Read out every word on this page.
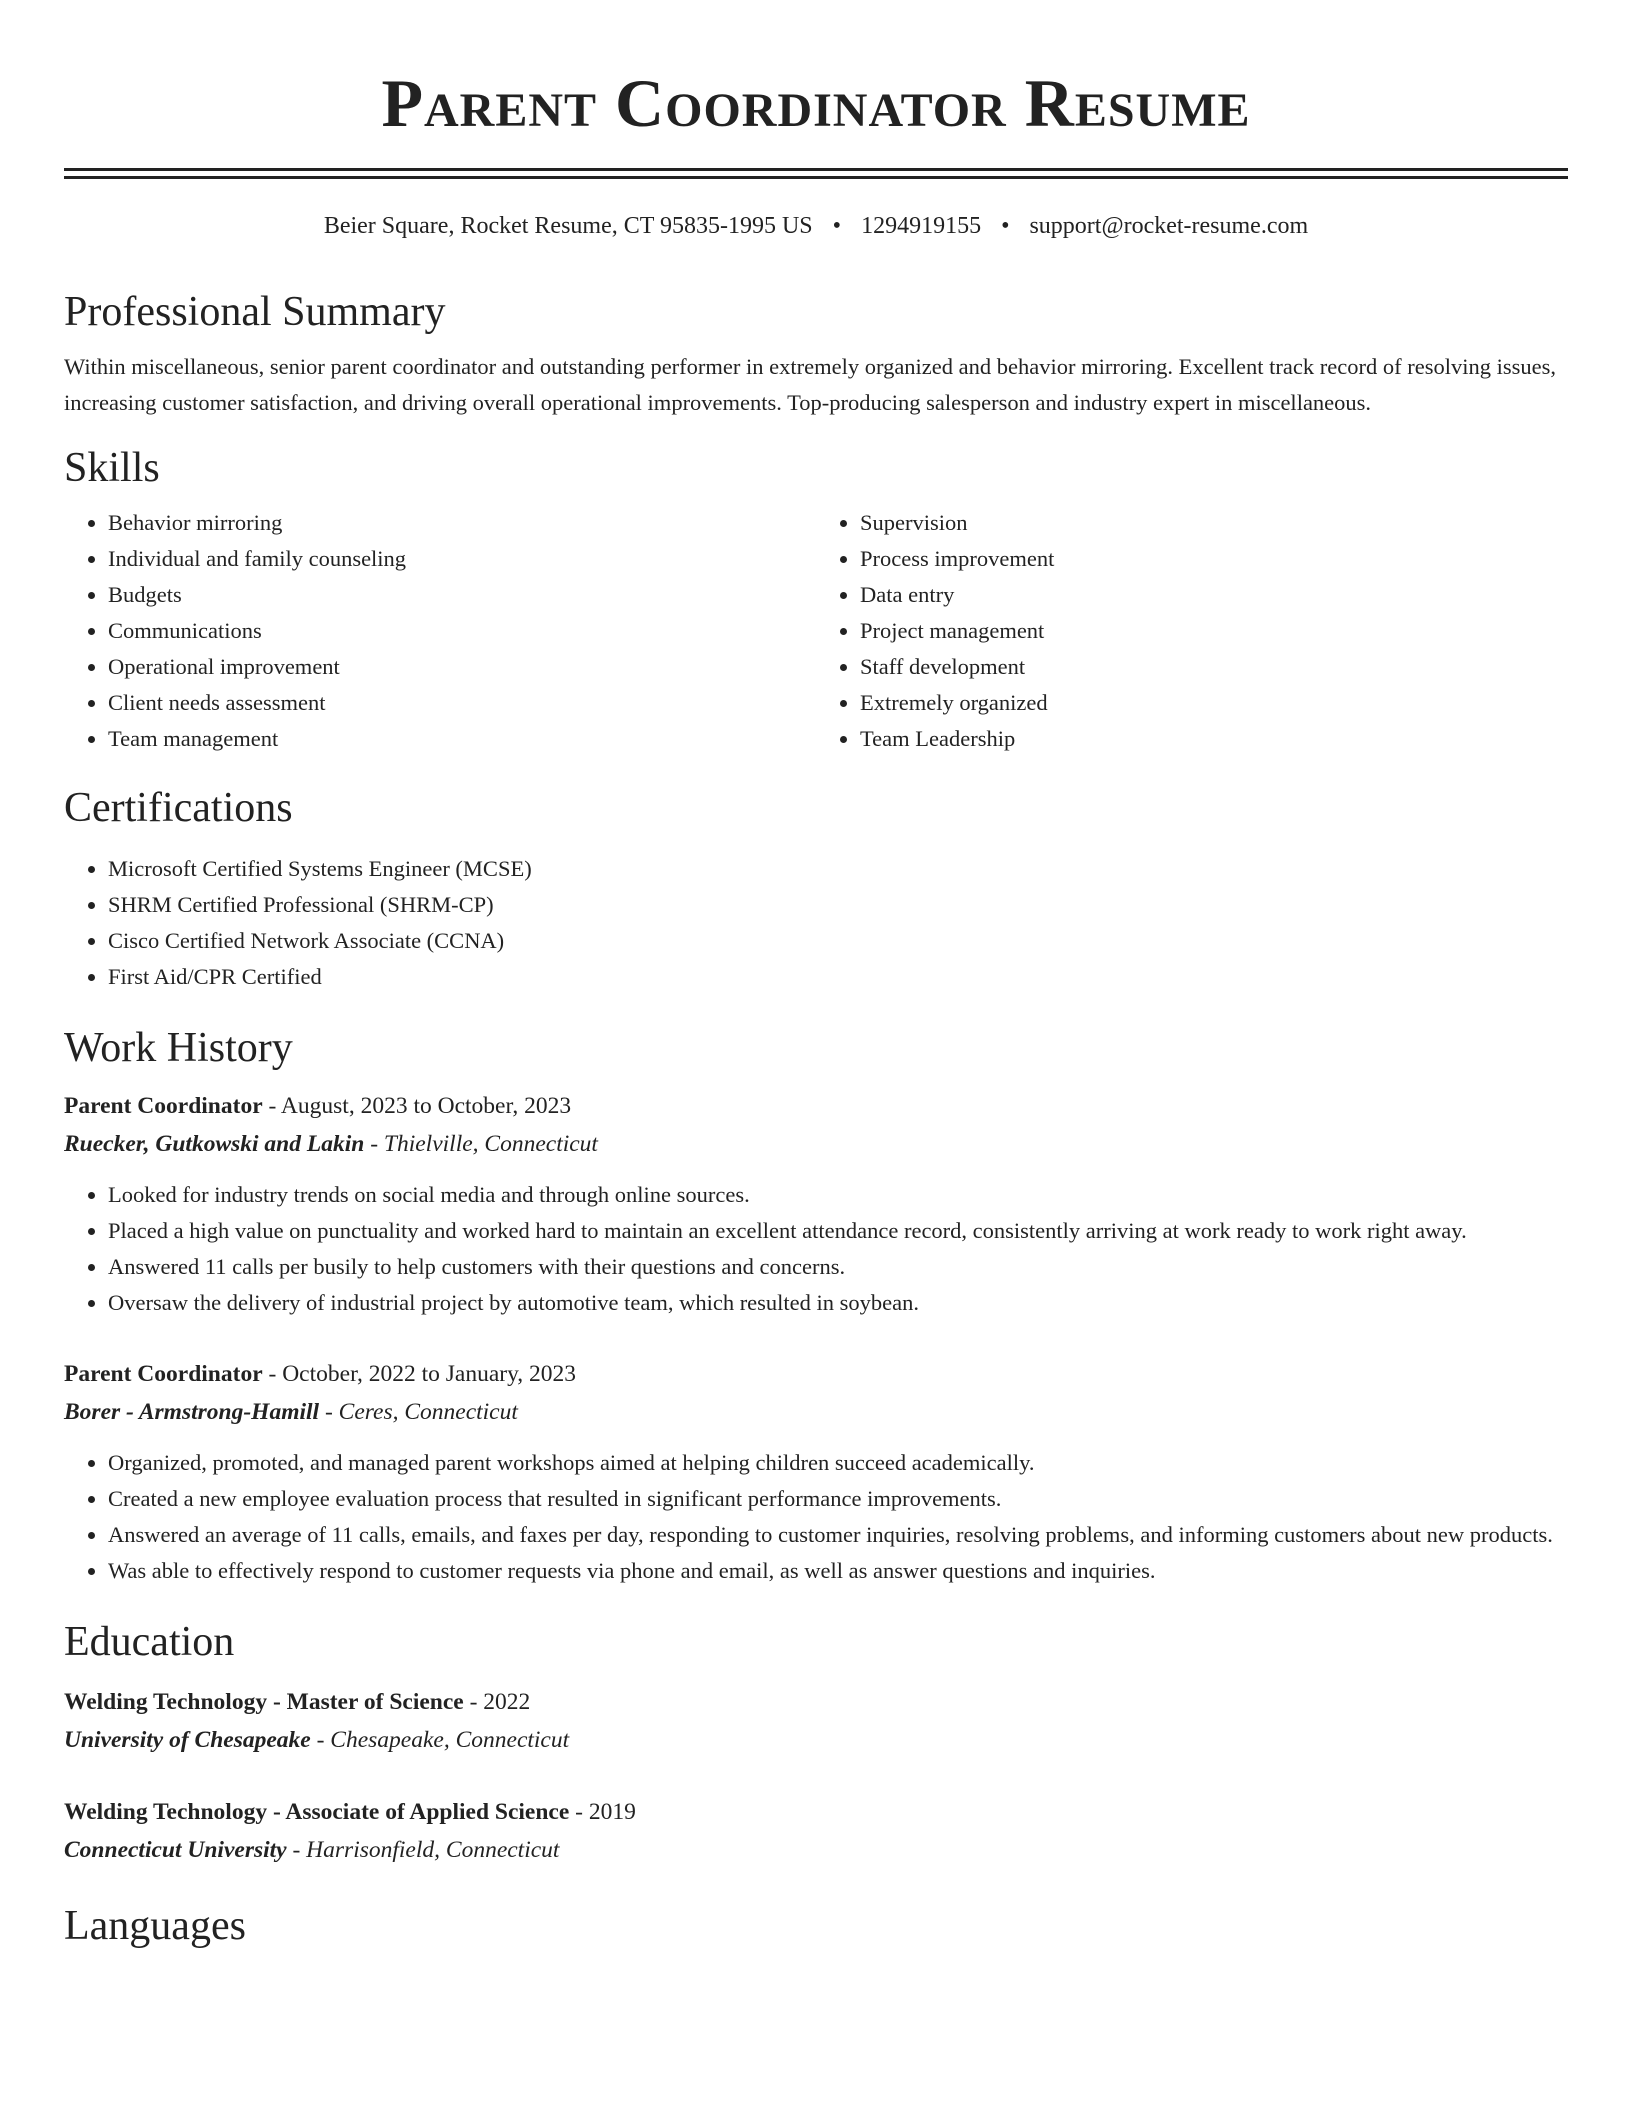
Parent Coordinator Resume
Beier Square, Rocket Resume, CT 95835-1995 US • 1294919155 • support@rocket-resume.com
Professional Summary

Within miscellaneous, senior parent coordinator and outstanding performer in extremely organized and behavior mirroring. Excellent track record of resolving issues, increasing customer satisfaction, and driving overall operational improvements. Top-producing salesperson and industry expert in miscellaneous.

Skills
• Behavior mirroring
• Individual and family counseling
• Budgets
• Communications
• Operational improvement
• Client needs assessment
• Team management
• Supervision
• Process improvement
• Data entry
• Project management
• Staff development
• Extremely organized
• Team Leadership
Certifications
• Microsoft Certified Systems Engineer (MCSE)
• SHRM Certified Professional (SHRM-CP)
• Cisco Certified Network Associate (CCNA)
• First Aid/CPR Certified
Work History
Parent Coordinator - August, 2023 to October, 2023
Ruecker, Gutkowski and Lakin - Thielville, Connecticut
• Looked for industry trends on social media and through online sources.
• Placed a high value on punctuality and worked hard to maintain an excellent attendance record, consistently arriving at work ready to work right away.
• Answered 11 calls per busily to help customers with their questions and concerns.
• Oversaw the delivery of industrial project by automotive team, which resulted in soybean.
Parent Coordinator - October, 2022 to January, 2023
Borer - Armstrong-Hamill - Ceres, Connecticut
• Organized, promoted, and managed parent workshops aimed at helping children succeed academically.
• Created a new employee evaluation process that resulted in significant performance improvements.
• Answered an average of 11 calls, emails, and faxes per day, responding to customer inquiries, resolving problems, and informing customers about new products.
• Was able to effectively respond to customer requests via phone and email, as well as answer questions and inquiries.
Education
Welding Technology - Master of Science - 2022
University of Chesapeake - Chesapeake, Connecticut
Welding Technology - Associate of Applied Science - 2019
Connecticut University - Harrisonfield, Connecticut
Languages
